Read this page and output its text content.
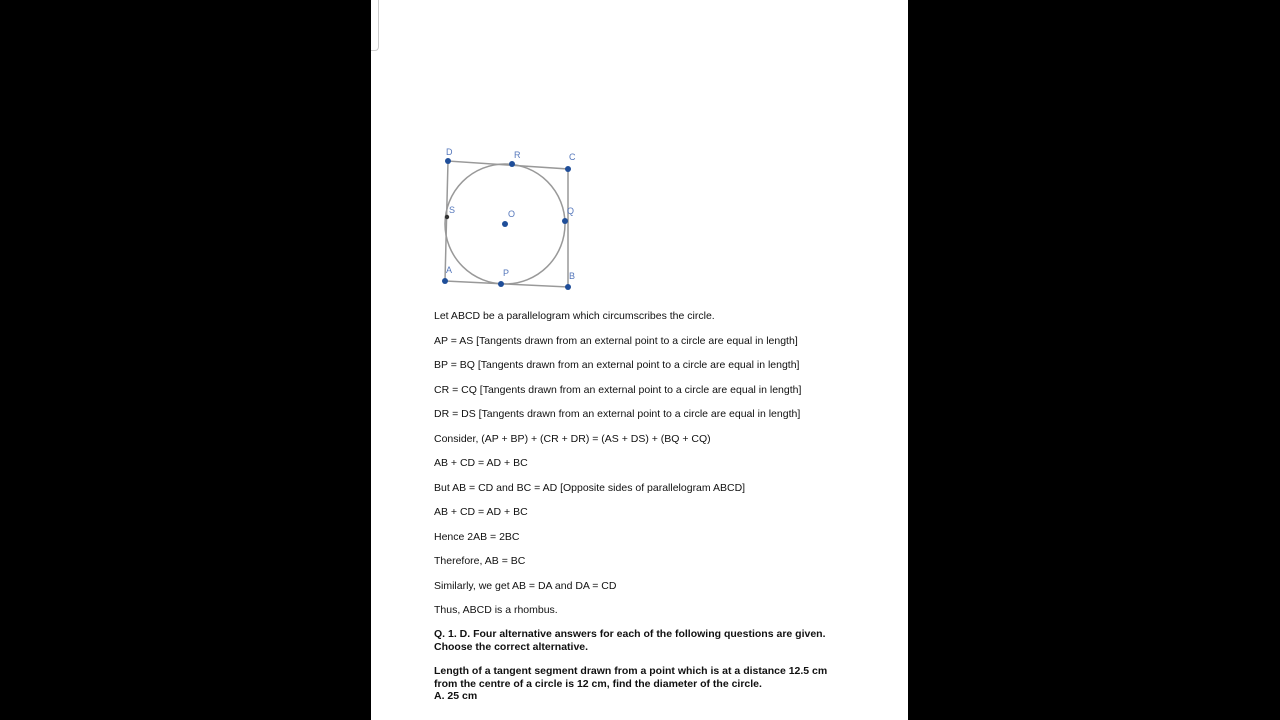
D	R	C
S	O	Q
A	P	B
Let ABCD be a parallelogram which circumscribes the circle.
AP = AS [Tangents drawn from an external point to a circle are equal in length]
BP = BQ [Tangents drawn from an external point to a circle are equal in length]
CR = CQ [Tangents drawn from an external point to a circle are equal in length]
DR = DS [Tangents drawn from an external point to a circle are equal in length]
Consider, (AP + BP) + (CR + DR) = (AS + DS) + (BQ + CQ)
AB + CD = AD + BC
But AB = CD and BC = AD [Opposite sides of parallelogram ABCD]
AB + CD = AD + BC
Hence 2AB = 2BC
Therefore, AB = BC
Similarly, we get AB = DA and DA = CD
Thus, ABCD is a rhombus.
Q. 1. D. Four alternative answers for each of the following questions are given.
Choose the correct alternative.
Length of a tangent segment drawn from a point which is at a distance 12.5 cm
from the centre of a circle is 12 cm, find the diameter of the circle.
A. 25 cm
